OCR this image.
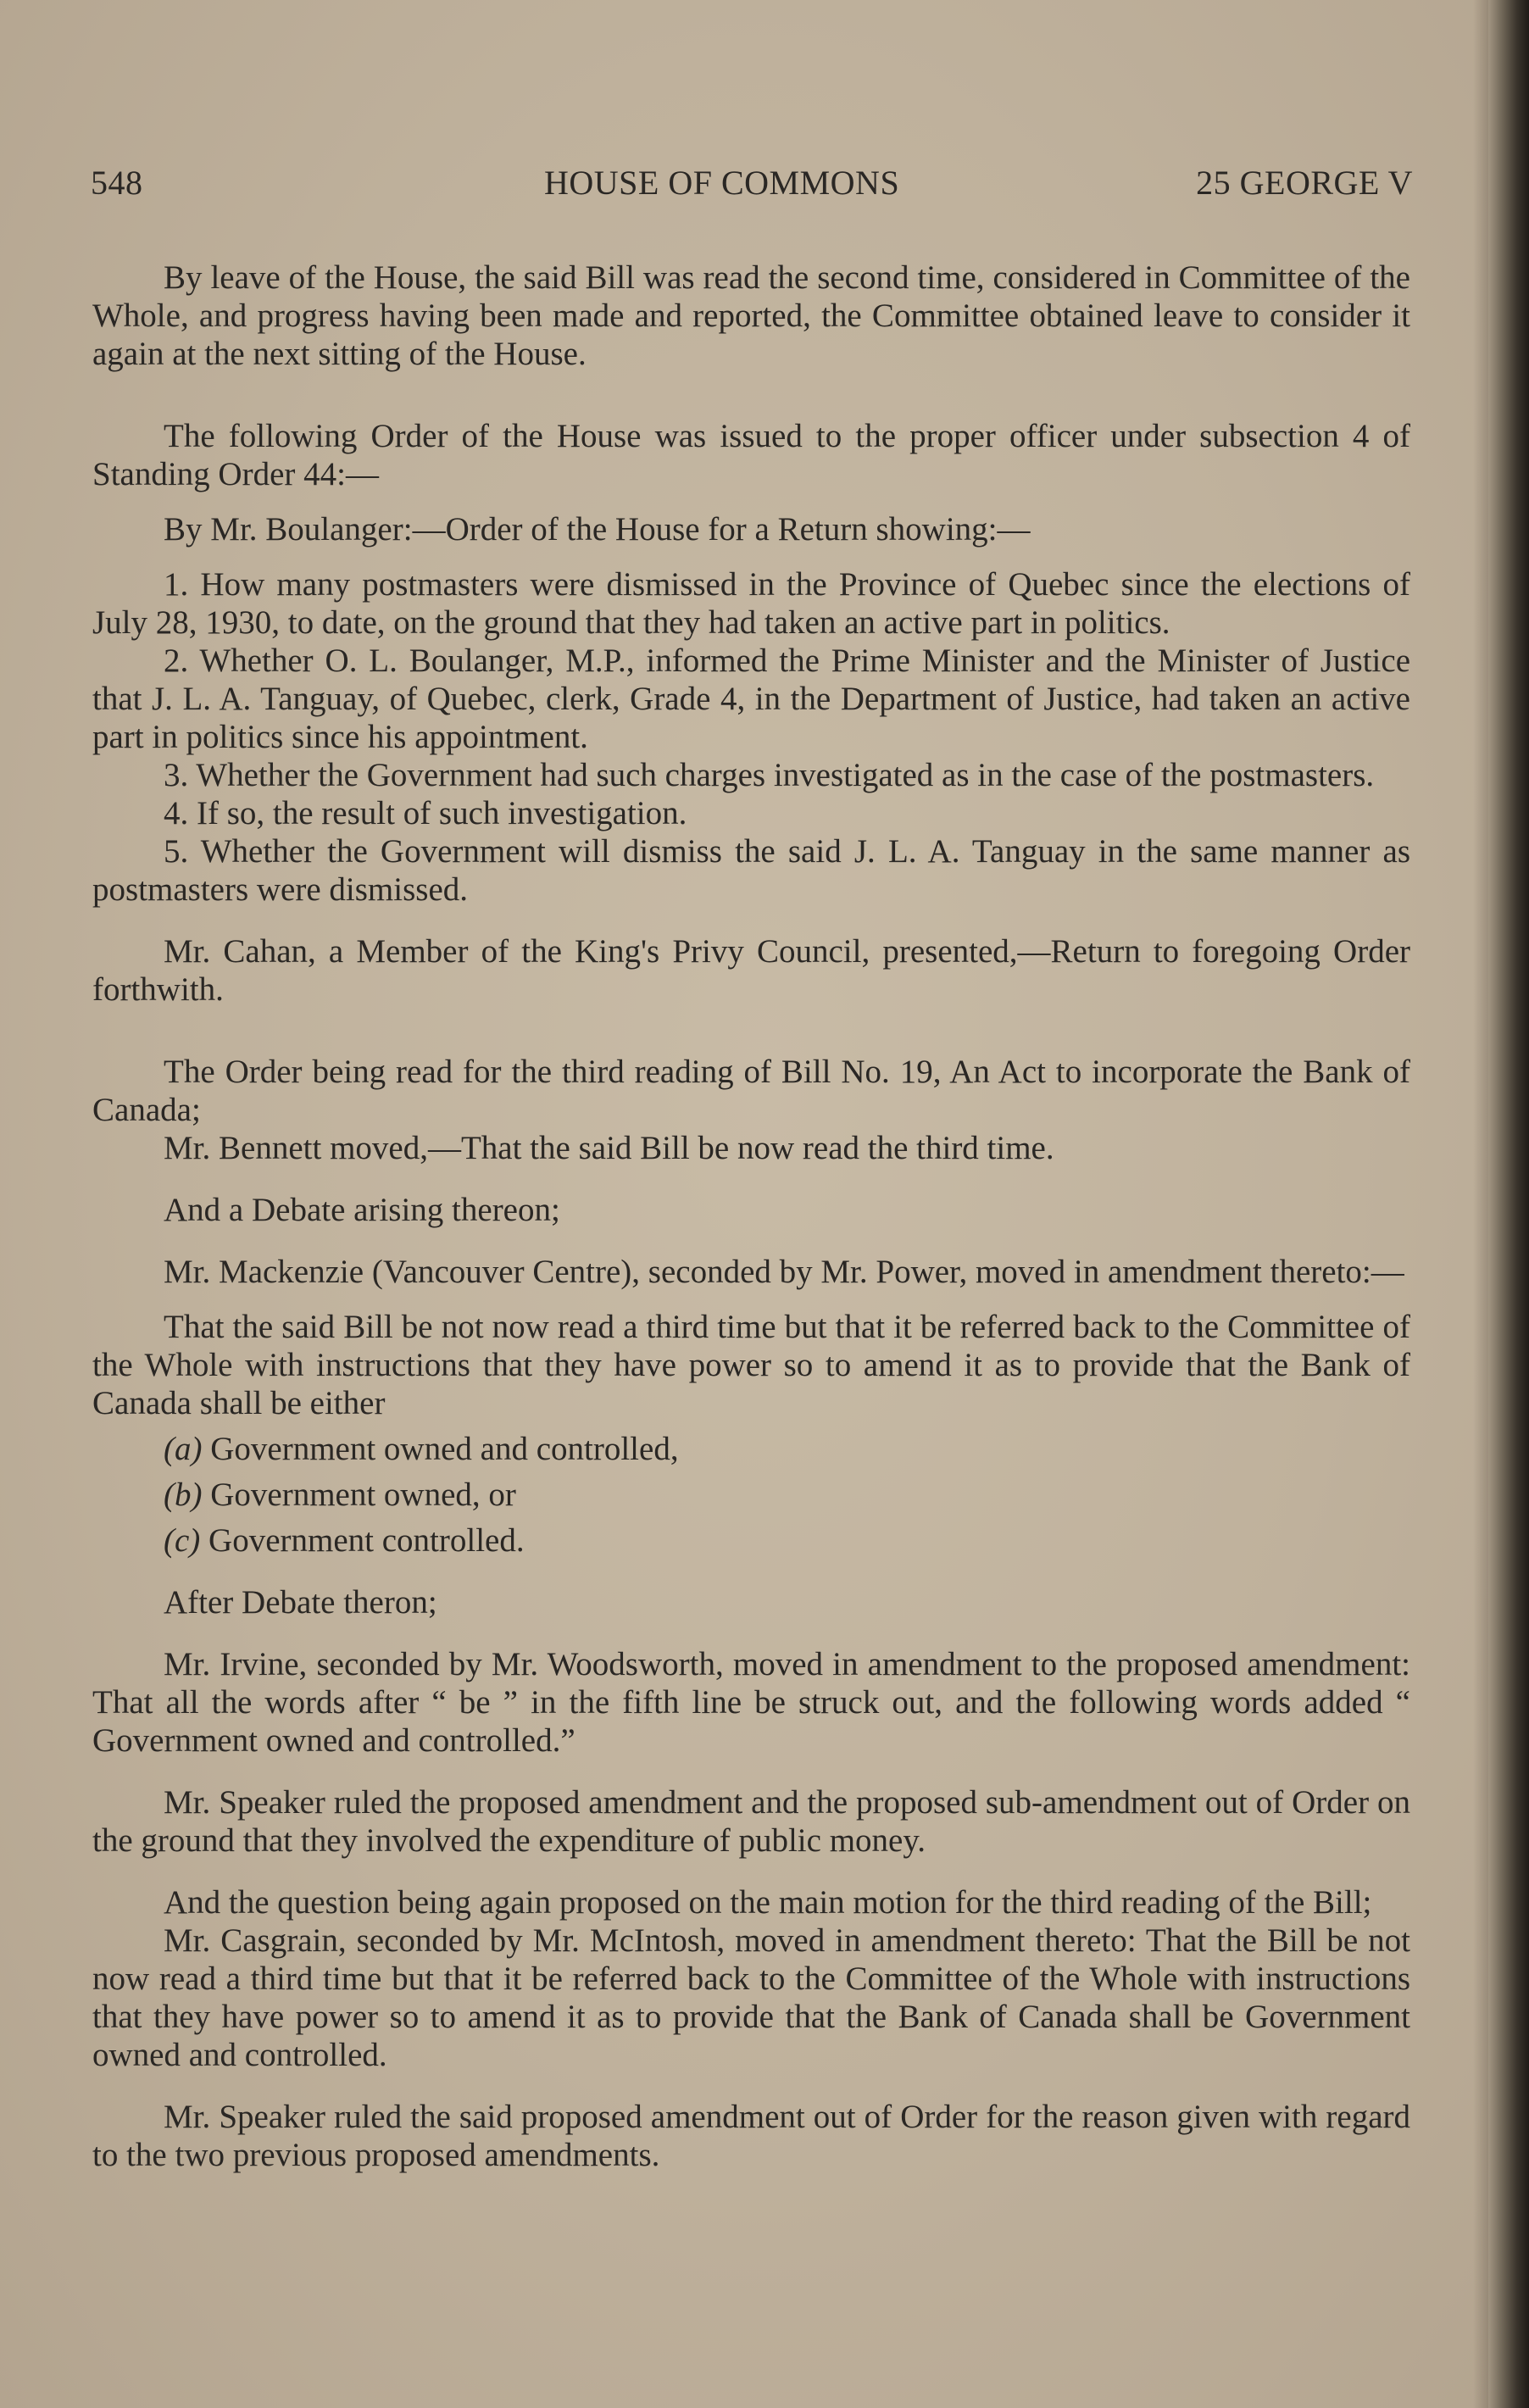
548	HOUSE OF COMMONS	25 GEORGE V

By leave of the House, the said Bill was read the second time, considered in Committee of the Whole, and progress having been made and reported, the Committee obtained leave to consider it again at the next sitting of the House.

The following Order of the House was issued to the proper officer under subsection 4 of Standing Order 44:—

By Mr. Boulanger:—Order of the House for a Return showing:—

1. How many postmasters were dismissed in the Province of Quebec since the elections of July 28, 1930, to date, on the ground that they had taken an active part in politics.

2. Whether O. L. Boulanger, M.P., informed the Prime Minister and the Minister of Justice that J. L. A. Tanguay, of Quebec, clerk, Grade 4, in the Department of Justice, had taken an active part in politics since his appointment.

3. Whether the Government had such charges investigated as in the case of the postmasters.

4. If so, the result of such investigation.

5. Whether the Government will dismiss the said J. L. A. Tanguay in the same manner as postmasters were dismissed.

Mr. Cahan, a Member of the King's Privy Council, presented,—Return to foregoing Order forthwith.

The Order being read for the third reading of Bill No. 19, An Act to incorporate the Bank of Canada;

Mr. Bennett moved,—That the said Bill be now read the third time.

And a Debate arising thereon;

Mr. Mackenzie (Vancouver Centre), seconded by Mr. Power, moved in amendment thereto:—

That the said Bill be not now read a third time but that it be referred back to the Committee of the Whole with instructions that they have power so to amend it as to provide that the Bank of Canada shall be either

(a) Government owned and controlled,

(b) Government owned, or

(c) Government controlled.

After Debate theron;

Mr. Irvine, seconded by Mr. Woodsworth, moved in amendment to the proposed amendment: That all the words after “ be ” in the fifth line be struck out, and the following words added “ Government owned and controlled.”

Mr. Speaker ruled the proposed amendment and the proposed sub-amendment out of Order on the ground that they involved the expenditure of public money.

And the question being again proposed on the main motion for the third reading of the Bill;

Mr. Casgrain, seconded by Mr. McIntosh, moved in amendment thereto: That the Bill be not now read a third time but that it be referred back to the Committee of the Whole with instructions that they have power so to amend it as to provide that the Bank of Canada shall be Government owned and controlled.

Mr. Speaker ruled the said proposed amendment out of Order for the reason given with regard to the two previous proposed amendments.
